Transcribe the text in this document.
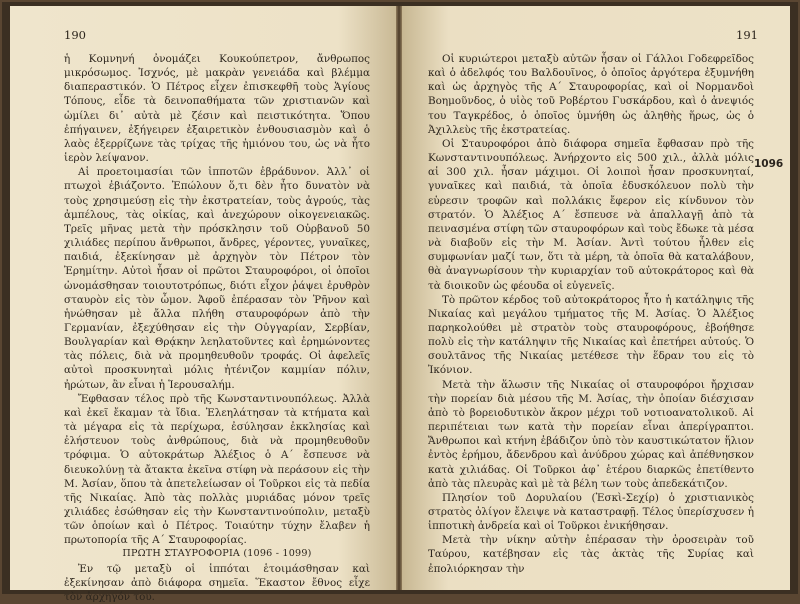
190

ἡ Κομνηνή ὀνομάζει Κουκούπετρον, ἄνθρωπος μικρόσωμος. Ἰσχνός, μὲ μακρὰν γενειάδα καὶ βλέμμα διαπεραστικόν. Ὁ Πέτρος εἶχεν ἐπισκεφθῆ τοὺς Ἁγίους Τόπους, εἶδε τὰ δεινοπαθήματα τῶν χριστιανῶν καὶ ὡμίλει δι᾽ αὐτὰ μὲ ζέσιν καὶ πειστικότητα. Ὅπου ἐπήγαινεν, ἐξήγειρεν ἐξαιρετικὸν ἐνθουσιασμὸν καὶ ὁ λαὸς ἐξερρίζωνε τὰς τρίχας τῆς ἡμιόνου του, ὡς νὰ ἦτο ἱερὸν λείψανον.

Αἱ προετοιμασίαι τῶν ἱπποτῶν ἐβράδυνον. Ἀλλ᾽ οἱ πτωχοὶ ἐβιάζοντο. Ἐπώλουν ὅ,τι δὲν ἦτο δυνατὸν νὰ τοὺς χρησιμεύσῃ εἰς τὴν ἐκστρατείαν, τοὺς ἀγρούς, τὰς ἀμπέλους, τὰς οἰκίας, καὶ ἀνεχώρουν οἰκογενειακῶς. Τρεῖς μῆνας μετὰ τὴν πρόσκλησιν τοῦ Οὐρβανοῦ 50 χιλιάδες περίπου ἄνθρωποι, ἄνδρες, γέροντες, γυναῖκες, παιδιά, ἐξεκίνησαν μὲ ἀρχηγὸν τὸν Πέτρον τὸν Ἐρημίτην. Αὐτοὶ ἦσαν οἱ πρῶτοι Σταυροφόροι, οἱ ὁποῖοι ὠνομάσθησαν τοιουτοτρόπως, διότι εἶχον ῥάψει ἐρυθρὸν σταυρὸν εἰς τὸν ὦμον. Ἀφοῦ ἐπέρασαν τὸν Ῥῆνον καὶ ἡνώθησαν μὲ ἄλλα πλήθη σταυροφόρων ἀπὸ τὴν Γερμανίαν, ἐξεχύθησαν εἰς τὴν Οὐγγαρίαν, Σερβίαν, Βουλγαρίαν καὶ Θρᾴκην λεηλατοῦντες καὶ ἐρημώνοντες τὰς πόλεις, διὰ νὰ προμηθευθοῦν τροφάς. Οἱ ἀφελεῖς αὐτοὶ προσκυνηταὶ μόλις ἠτένιζον καμμίαν πόλιν, ἠρώτων, ἂν εἶναι ἡ Ἱερουσαλήμ.

Ἔφθασαν τέλος πρὸ τῆς Κωνσταντινουπόλεως. Ἀλλὰ καὶ ἐκεῖ ἔκαμαν τὰ ἴδια. Ἐλεηλάτησαν τὰ κτήματα καὶ τὰ μέγαρα εἰς τὰ περίχωρα, ἐσύλησαν ἐκκλησίας καὶ ἐλήστευον τοὺς ἀνθρώπους, διὰ νὰ προμηθευθοῦν τρόφιμα. Ὁ αὐτοκράτωρ Ἀλέξιος ὁ Α´ ἔσπευσε νὰ διευκολύνῃ τὰ ἄτακτα ἐκεῖνα στίφη νὰ περάσουν εἰς τὴν Μ. Ἀσίαν, ὅπου τὰ ἀπετελείωσαν οἱ Τοῦρκοι εἰς τὰ πεδία τῆς Νικαίας. Ἀπὸ τὰς πολλὰς μυριάδας μόνον τρεῖς χιλιάδες ἐσώθησαν εἰς τὴν Κωνσταντινούπολιν, μεταξὺ τῶν ὁποίων καὶ ὁ Πέτρος. Τοιαύτην τύχην ἔλαβεν ἡ πρωτοπορία τῆς Α´ Σταυροφορίας.

ΠΡΩΤΗ ΣΤΑΥΡΟΦΟΡΙΑ (1096 - 1099)

Ἐν τῷ μεταξὺ οἱ ἱππόται ἑτοιμάσθησαν καὶ ἐξεκίνησαν ἀπὸ διάφορα σημεῖα. Ἕκαστον ἔθνος εἶχε τὸν ἀρχηγόν του.

191

Οἱ κυριώτεροι μεταξὺ αὐτῶν ἦσαν οἱ Γάλλοι Γοδεφρεῖδος καὶ ὁ ἀδελφός του Βαλδουῖνος, ὁ ὁποῖος ἀργότερα ἐξυμνήθη καὶ ὡς ἀρχηγὸς τῆς Α´ Σταυροφορίας, καὶ οἱ Νορμανδοὶ Βοημοῦνδος, ὁ υἱὸς τοῦ Ροβέρτου Γυσκάρδου, καὶ ὁ ἀνεψιός του Ταγκρέδος, ὁ ὁποῖος ὑμνήθη ὡς ἀληθὴς ἥρως, ὡς ὁ Ἀχιλλεὺς τῆς ἐκστρατείας.

Οἱ Σταυροφόροι ἀπὸ διάφορα σημεῖα ἔφθασαν πρὸ τῆς Κωνσταντινουπόλεως. Ἀνήρχοντο εἰς 500 χιλ., ἀλλὰ μόλις αἱ 300 χιλ. ἦσαν μάχιμοι. Οἱ λοιποὶ ἦσαν προσκυνηταί, γυναῖκες καὶ παιδιά, τὰ ὁποῖα ἐδυσκόλευον πολὺ τὴν εὑρεσιν τροφῶν καὶ πολλάκις ἔφερον εἰς κίνδυνον τὸν στρατόν. Ὁ Ἀλέξιος Α´ ἔσπευσε νὰ ἀπαλλαγῇ ἀπὸ τὰ πεινασμένα στίφη τῶν σταυροφόρων καὶ τοὺς ἔδωκε τὰ μέσα νὰ διαβοῦν εἰς τὴν Μ. Ἀσίαν. Ἀντὶ τούτου ἦλθεν εἰς συμφωνίαν μαζί των, ὅτι τὰ μέρη, τὰ ὁποῖα θὰ καταλάβουν, θὰ ἀναγνωρίσουν τὴν κυριαρχίαν τοῦ αὐτοκράτορος καὶ θὰ τὰ διοικοῦν ὡς φέουδα οἱ εὐγενεῖς.

Τὸ πρῶτον κέρδος τοῦ αὐτοκράτορος ἦτο ἡ κατάληψις τῆς Νικαίας καὶ μεγάλου τμήματος τῆς Μ. Ἀσίας. Ὁ Ἀλέξιος παρηκολούθει μὲ στρατὸν τοὺς σταυροφόρους, ἐβοήθησε πολὺ εἰς τὴν κατάληψιν τῆς Νικαίας καὶ ἐπετήρει αὐτούς. Ὁ σουλτᾶνος τῆς Νικαίας μετέθεσε τὴν ἕδραν του εἰς τὸ Ἰκόνιον.

Μετὰ τὴν ἅλωσιν τῆς Νικαίας οἱ σταυροφόροι ἤρχισαν τὴν πορείαν διὰ μέσου τῆς Μ. Ἀσίας, τὴν ὁποίαν διέσχισαν ἀπὸ τὸ βορειοδυτικὸν ἄκρον μέχρι τοῦ νοτιοανατολικοῦ. Αἱ περιπέτειαι των κατὰ τὴν πορείαν εἶναι ἀπερίγραπτοι. Ἄνθρωποι καὶ κτήνη ἐβάδιζον ὑπὸ τὸν καυστικώτατον ἥλιον ἐντὸς ἐρήμου, ἄδενδρου καὶ ἀνύδρου χώρας καὶ ἀπέθνησκον κατὰ χιλιάδας. Οἱ Τοῦρκοι ἀφ᾽ ἑτέρου διαρκῶς ἐπετίθεντο ἀπὸ τὰς πλευρὰς καὶ μὲ τὰ βέλη των τοὺς ἀπεδεκάτιζον.

Πλησίον τοῦ Δορυλαίου (Ἐσκὶ-Σεχίρ) ὁ χριστιανικὸς στρατὸς ὀλίγον ἔλειψε νὰ καταστραφῇ. Τέλος ὑπερίσχυσεν ἡ ἱπποτικὴ ἀνδρεία καὶ οἱ Τοῦρκοι ἐνικήθησαν.

Μετὰ τὴν νίκην αὐτὴν ἐπέρασαν τὴν ὀροσειρὰν τοῦ Ταύρου, κατέβησαν εἰς τὰς ἀκτὰς τῆς Συρίας καὶ ἐπολιόρκησαν τὴν

1096
